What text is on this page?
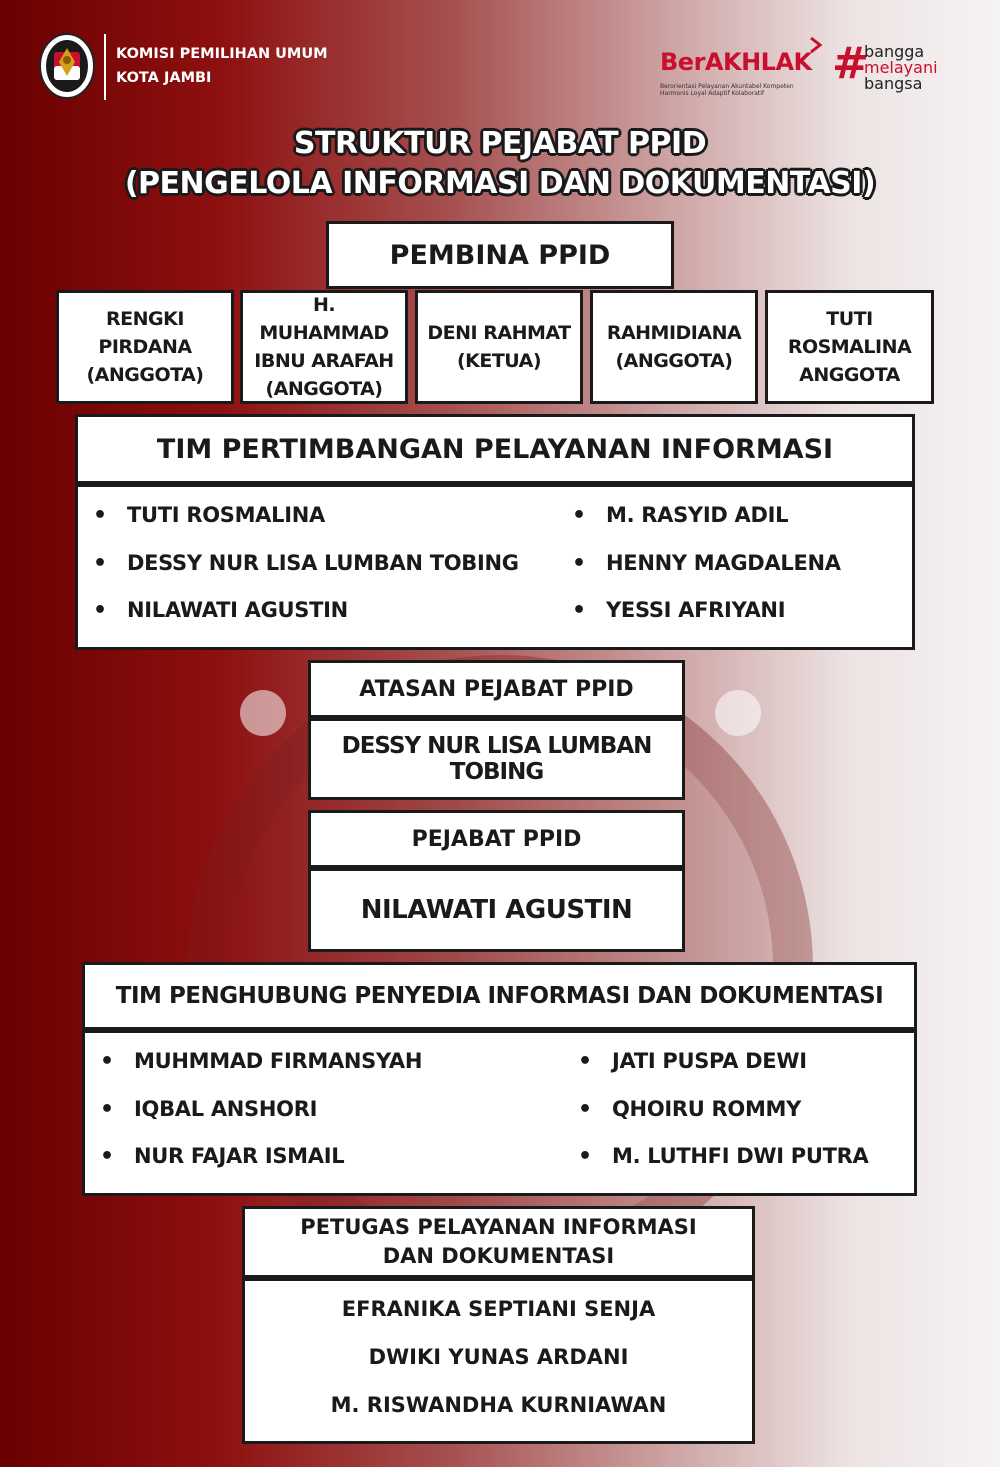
KOMISI PEMILIHAN UMUM
KOTA JAMBI
BerAKHLAK
Berorientasi Pelayanan Akuntabel Kompeten
Harmonis Loyal Adaptif Kolaboratif
#
bangga
melayani
bangsa
STRUKTUR PEJABAT PPID
(PENGELOLA INFORMASI DAN DOKUMENTASI)
PEMBINA PPID
RENGKI PIRDANA
(ANGGOTA)
H. MUHAMMAD IBNU ARAFAH
(ANGGOTA)
DENI RAHMAT
(KETUA)
RAHMIDIANA
(ANGGOTA)
TUTI ROSMALINA
ANGGOTA
TIM PERTIMBANGAN PELAYANAN INFORMASI
• TUTI ROSMALINA
• DESSY NUR LISA LUMBAN TOBING
• NILAWATI AGUSTIN
• M. RASYID ADIL
• HENNY MAGDALENA
• YESSI AFRIYANI
ATASAN PEJABAT PPID
DESSY NUR LISA LUMBAN TOBING
PEJABAT PPID
NILAWATI AGUSTIN
TIM PENGHUBUNG PENYEDIA INFORMASI DAN DOKUMENTASI
• MUHMMAD FIRMANSYAH
• IQBAL ANSHORI
• NUR FAJAR ISMAIL
• JATI PUSPA DEWI
• QHOIRU ROMMY
• M. LUTHFI DWI PUTRA
PETUGAS PELAYANAN INFORMASI
DAN DOKUMENTASI
EFRANIKA SEPTIANI SENJA
DWIKI YUNAS ARDANI
M. RISWANDHA KURNIAWAN
